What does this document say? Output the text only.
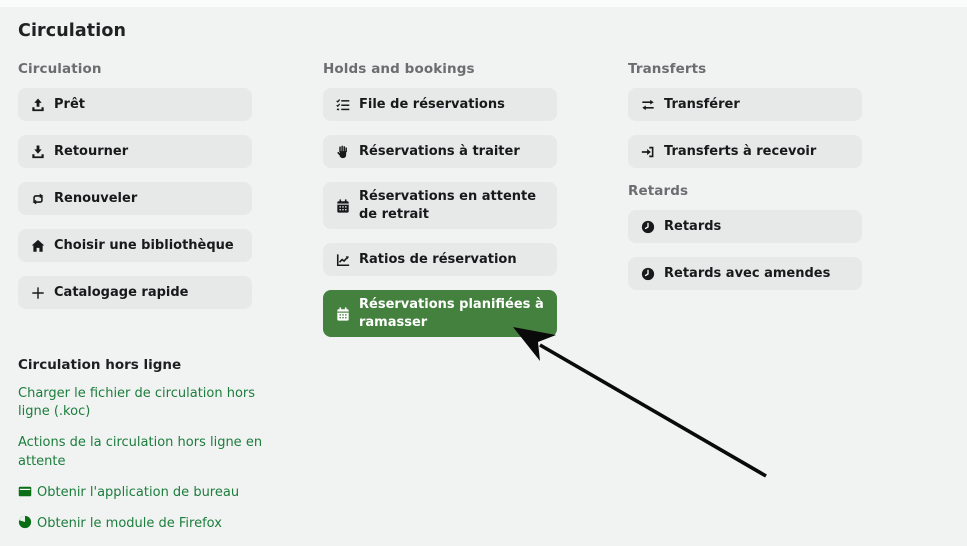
Circulation
Circulation
Prêt
Retourner
Renouveler
Choisir une bibliothèque
Catalogage rapide
Circulation hors ligne
Charger le fichier de circulation hors ligne (.koc)
Actions de la circulation hors ligne en attente
Obtenir l'application de bureau
Obtenir le module de Firefox
Holds and bookings
File de réservations
Réservations à traiter
Réservations en attente de retrait
Ratios de réservation
Réservations planifiées à ramasser
Transferts
Transférer
Transferts à recevoir
Retards
Retards
Retards avec amendes
